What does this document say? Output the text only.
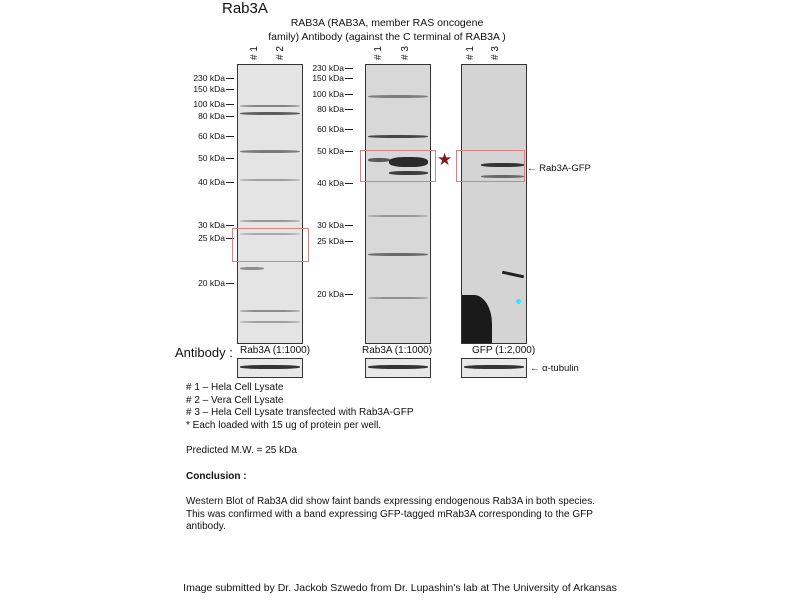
Rab3A
RAB3A (RAB3A, member RAS oncogene
family) Antibody (against the C terminal of RAB3A )
# 1 # 2
230 kDa
150 kDa
100 kDa
80 kDa
60 kDa
50 kDa
40 kDa
30 kDa
25 kDa
20 kDa
# 1 # 3
230 kDa
150 kDa
100 kDa
80 kDa
60 kDa
50 kDa
40 kDa
30 kDa
25 kDa
20 kDa
★
# 1 # 3
← Rab3A-GFP
Antibody : Rab3A (1:1000)	Rab3A (1:1000)	GFP (1:2,000)
← α-tubulin
# 1 – Hela Cell Lysate
# 2 – Vera Cell Lysate
# 3 – Hela Cell Lysate transfected with Rab3A-GFP
* Each loaded with 15 ug of protein per well.
Predicted M.W. = 25 kDa
Conclusion :
Western Blot of Rab3A did show faint bands expressing endogenous Rab3A in both species. This was confirmed with a band expressing GFP-tagged mRab3A corresponding to the GFP antibody.
Image submitted by Dr. Jackob Szwedo from Dr. Lupashin's lab at The University of Arkansas
